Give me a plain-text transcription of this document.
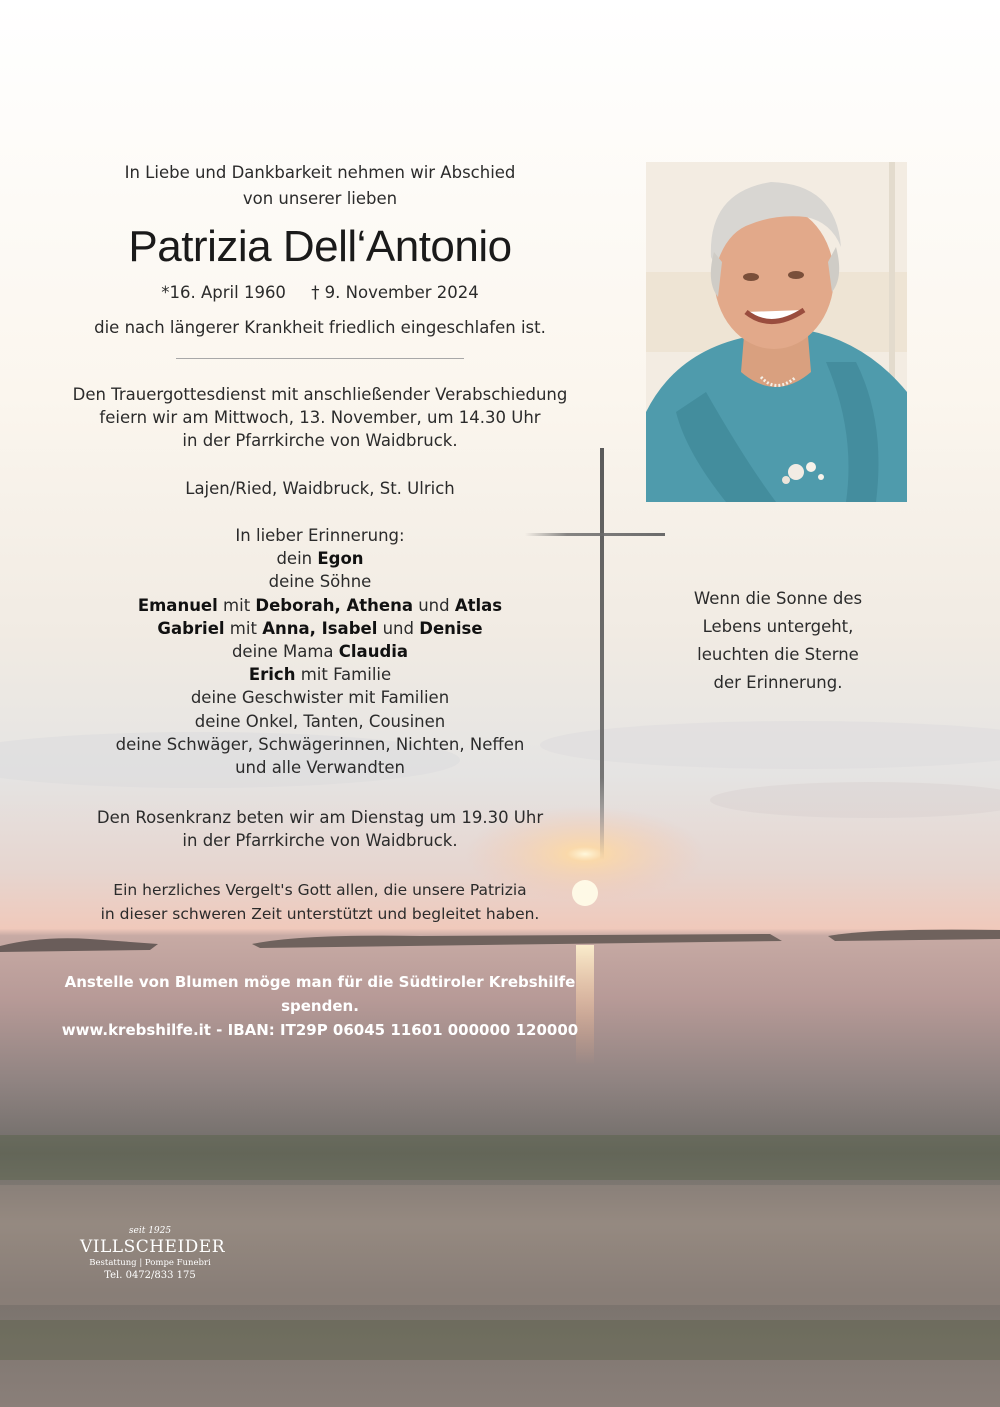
In Liebe und Dankbarkeit nehmen wir Abschied
von unserer lieben
Patrizia Dell‘Antonio
*16. April 1960 † 9. November 2024
die nach längerer Krankheit friedlich eingeschlafen ist.
Den Trauergottesdienst mit anschließender Verabschiedung
feiern wir am Mittwoch, 13. November, um 14.30 Uhr
in der Pfarrkirche von Waidbruck.
Lajen/Ried, Waidbruck, St. Ulrich
In lieber Erinnerung:
dein Egon
deine Söhne
Emanuel mit Deborah, Athena und Atlas
Gabriel mit Anna, Isabel und Denise
deine Mama Claudia
Erich mit Familie
deine Geschwister mit Familien
deine Onkel, Tanten, Cousinen
deine Schwäger, Schwägerinnen, Nichten, Neffen
und alle Verwandten
Den Rosenkranz beten wir am Dienstag um 19.30 Uhr
in der Pfarrkirche von Waidbruck.
Ein herzliches Vergelt's Gott allen, die unsere Patrizia
in dieser schweren Zeit unterstützt und begleitet haben.
Anstelle von Blumen möge man für die Südtiroler Krebshilfe spenden.
www.krebshilfe.it - IBAN: IT29P 06045 11601 000000 120000
Wenn die Sonne des
Lebens untergeht,
leuchten die Sterne
der Erinnerung.
seit 1925
VILLSCHEIDER
Bestattung | Pompe Funebri
Tel. 0472/833 175
